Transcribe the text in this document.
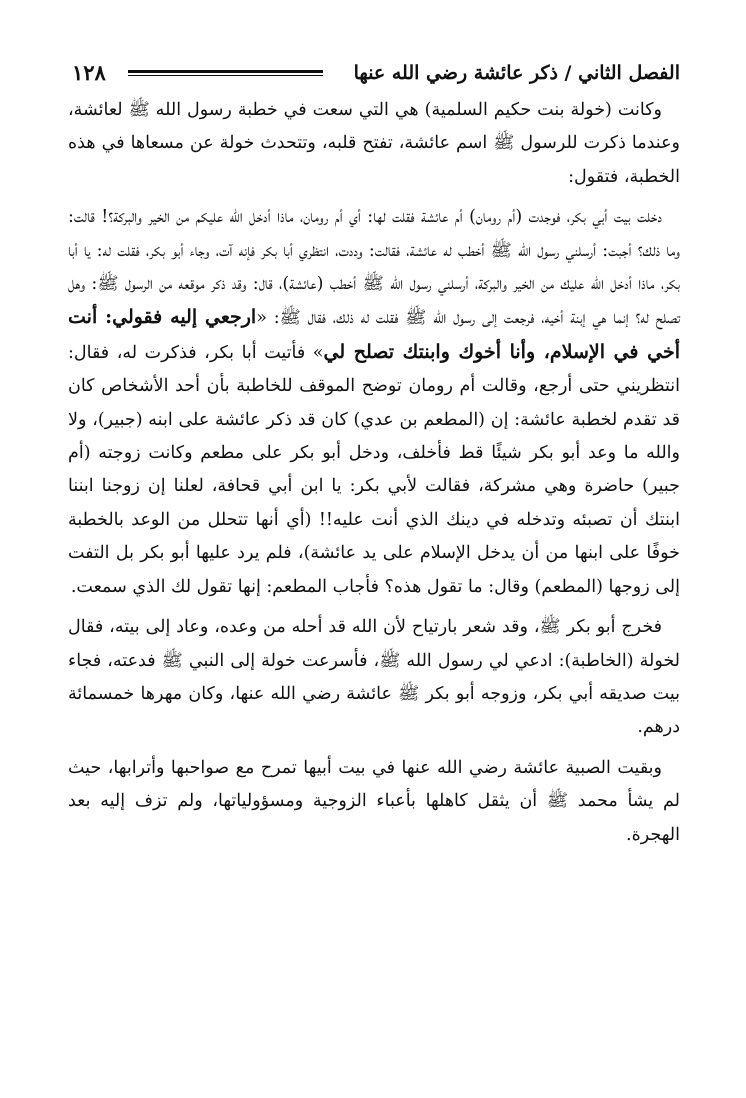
١٢٨	الفصل الثاني / ذكر عائشة رضي الله عنها

وكانت (خولة بنت حكيم السلمية) هي التي سعت في خطبة رسول الله ﷺ لعائشة، وعندما ذكرت للرسول ﷺ اسم عائشة، تفتح قلبه، وتتحدث خولة عن مسعاها في هذه الخطبة، فتقول:

دخلت بيت أبي بكر، فوجدت (أم رومان) أم عائشة فقلت لها: أي أم رومان، ماذا أدخل الله عليكم من الخير والبركة؟! قالت: وما ذلك؟ أجبت: أرسلني رسول الله ﷺ أخطب له عائشة، فقالت: وددت، انتظري أبا بكر فإنه آت، وجاء أبو بكر، فقلت له: يا أبا بكر، ماذا أدخل الله عليك من الخير والبركة، أرسلني رسول الله ﷺ أخطب (عائشة)، قال: وقد ذكر موقعه من الرسول ﷺ: وهل تصلح له؟ إنما هي إبنة أخيه، فرجعت إلى رسول الله ﷺ فقلت له ذلك، فقال ﷺ: «ارجعي إليه فقولي: أنت أخي في الإسلام، وأنا أخوك وابنتك تصلح لي» فأتيت أبا بكر، فذكرت له، فقال: انتظريني حتى أرجع، وقالت أم رومان توضح الموقف للخاطبة بأن أحد الأشخاص كان قد تقدم لخطبة عائشة: إن (المطعم بن عدي) كان قد ذكر عائشة على ابنه (جبير)، ولا والله ما وعد أبو بكر شيئًا قط فأخلف، ودخل أبو بكر على مطعم وكانت زوجته (أم جبير) حاضرة وهي مشركة، فقالت لأبي بكر: يا ابن أبي قحافة، لعلنا إن زوجنا ابننا ابنتك أن تصبئه وتدخله في دينك الذي أنت عليه!! (أي أنها تتحلل من الوعد بالخطبة خوفًا على ابنها من أن يدخل الإسلام على يد عائشة)، فلم يرد عليها أبو بكر بل التفت إلى زوجها (المطعم) وقال: ما تقول هذه؟ فأجاب المطعم: إنها تقول لك الذي سمعت.

فخرج أبو بكر ﷺ، وقد شعر بارتياح لأن الله قد أحله من وعده، وعاد إلى بيته، فقال لخولة (الخاطبة): ادعي لي رسول الله ﷺ، فأسرعت خولة إلى النبي ﷺ فدعته، فجاء بيت صديقه أبي بكر، وزوجه أبو بكر ﷺ عائشة رضي الله عنها، وكان مهرها خمسمائة درهم.

وبقيت الصبية عائشة رضي الله عنها في بيت أبيها تمرح مع صواحبها وأترابها، حيث لم يشأ محمد ﷺ أن يثقل كاهلها بأعباء الزوجية ومسؤولياتها، ولم تزف إليه بعد الهجرة.
